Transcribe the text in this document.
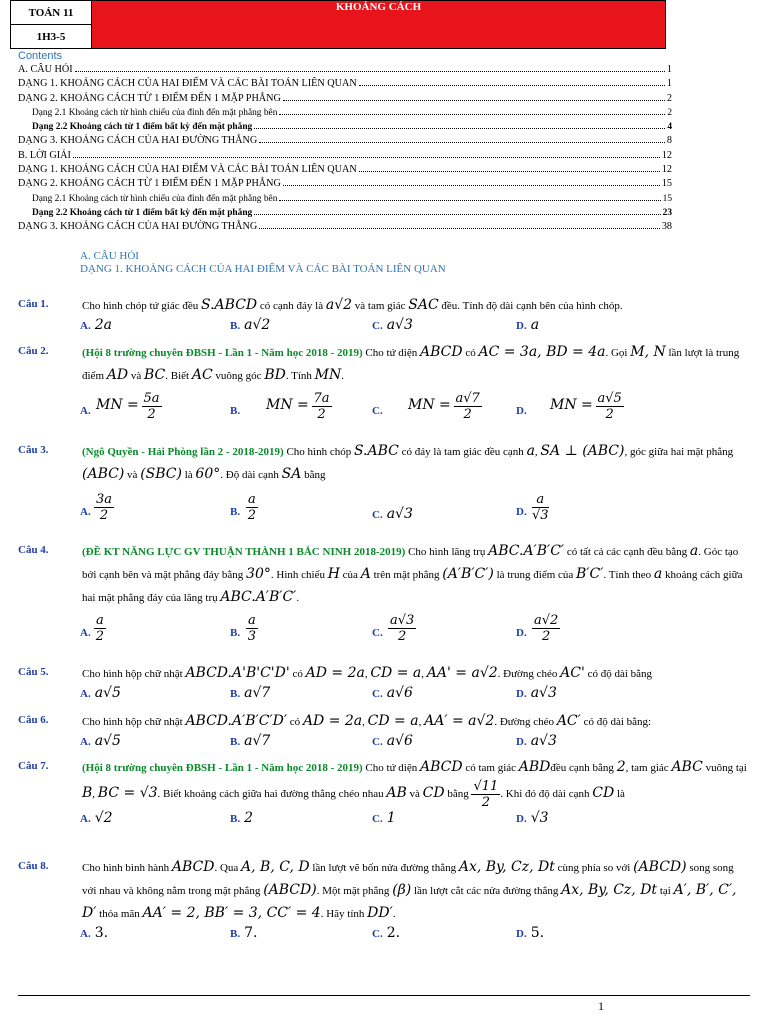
TOÁN 11	KHOẢNG CÁCH
1H3-5
Contents
A. CÂU HỎI	1
DẠNG 1. KHOẢNG CÁCH CỦA HAI ĐIỂM VÀ CÁC BÀI TOÁN LIÊN QUAN	1
DẠNG 2. KHOẢNG CÁCH TỪ 1 ĐIỂM ĐẾN 1 MẶP PHẲNG	2
Dạng 2.1 Khoảng cách từ hình chiếu của đỉnh đến mặt phẳng bên	2
Dạng 2.2 Khoảng cách từ 1 điểm bất kỳ đến mặt phẳng	4
DẠNG 3. KHOẢNG CÁCH CỦA HAI ĐƯỜNG THẲNG	8
B. LỜI GIẢI	12
DẠNG 1. KHOẢNG CÁCH CỦA HAI ĐIỂM VÀ CÁC BÀI TOÁN LIÊN QUAN	12
DẠNG 2. KHOẢNG CÁCH TỪ 1 ĐIỂM ĐẾN 1 MẶP PHẲNG	15
Dạng 2.1 Khoảng cách từ hình chiếu của đỉnh đến mặt phẳng bên	15
Dạng 2.2 Khoảng cách từ 1 điểm bất kỳ đến mặt phẳng	23
DẠNG 3. KHOẢNG CÁCH CỦA HAI ĐƯỜNG THẲNG	38
A. CÂU HỎI
DẠNG 1. KHOẢNG CÁCH CỦA HAI ĐIỂM VÀ CÁC BÀI TOÁN LIÊN QUAN
Câu 1.	Cho hình chóp tứ giác đều S.ABCD có cạnh đáy là a√2 và tam giác SAC đều. Tính độ dài cạnh bên của hình chóp.
A. 2a	B. a√2	C. a√3	D. a
Câu 2.	(Hội 8 trường chuyên ĐBSH - Lần 1 - Năm học 2018 - 2019) Cho tứ diện ABCD có AC = 3a, BD = 4a. Gọi M, N lần lượt là trung điểm AD và BC. Biết AC vuông góc BD. Tính MN.
A. MN = $\frac{5a}{2}$	B. MN = $\frac{7a}{2}$	C. MN = $\frac{a√7}{2}$	D. MN = $\frac{a√5}{2}$
Câu 3.	(Ngô Quyền - Hải Phòng lần 2 - 2018-2019) Cho hình chóp S.ABC có đáy là tam giác đều cạnh a, SA ⊥ (ABC), góc giữa hai mặt phẳng (ABC) và (SBC) là 60°. Độ dài cạnh SA bằng
A. $\frac{3a}{2}$	B. $\frac{a}{2}$	C. a√3	D. $\frac{a}{√3}$
Câu 4.	(ĐỀ KT NĂNG LỰC GV THUẬN THÀNH 1 BẮC NINH 2018-2019) Cho hình lăng trụ ABC.A′B′C′ có tất cả các cạnh đều bằng a. Góc tạo bởi cạnh bên và mặt phẳng đáy bằng 30°. Hình chiếu H của A trên mặt phẳng (A′B′C′) là trung điểm của B′C′. Tính theo a khoảng cách giữa hai mặt phẳng đáy của lăng trụ ABC.A′B′C′.
A. $\frac{a}{2}$	B. $\frac{a}{3}$	C. $\frac{a√3}{2}$	D. $\frac{a√2}{2}$
Câu 5.	Cho hình hộp chữ nhật ABCD.A'B'C'D' có AD = 2a, CD = a, AA' = a√2. Đường chéo AC' có độ dài bằng
A. a√5	B. a√7	C. a√6	D. a√3
Câu 6.	Cho hình hộp chữ nhật ABCD.A′B′C′D′ có AD = 2a, CD = a, AA′ = a√2. Đường chéo AC′ có độ dài bằng:
A. a√5	B. a√7	C. a√6	D. a√3
Câu 7.	(Hội 8 trường chuyên ĐBSH - Lần 1 - Năm học 2018 - 2019) Cho tứ diện ABCD có tam giác ABDđều cạnh bằng 2, tam giác ABC vuông tại B, BC = √3. Biết khoảng cách giữa hai đường thẳng chéo nhau AB và CD bằng $\frac{√11}{2}$ . Khi đó độ dài cạnh CD là
A. √2	B. 2	C. 1	D. √3
Câu 8.	Cho hình bình hành ABCD. Qua A, B, C, D lần lượt vẽ bốn nửa đường thẳng Ax, By, Cz, Dt cùng phía so với (ABCD) song song với nhau và không nằm trong mặt phẳng (ABCD). Một mặt phẳng (β) lần lượt cắt các nửa đường thẳng Ax, By, Cz, Dt tại A′, B′, C′, D′ thỏa mãn AA′ = 2, BB′ = 3, CC′ = 4. Hãy tính DD′.
A. 3.	B. 7.	C. 2.	D. 5.
1
